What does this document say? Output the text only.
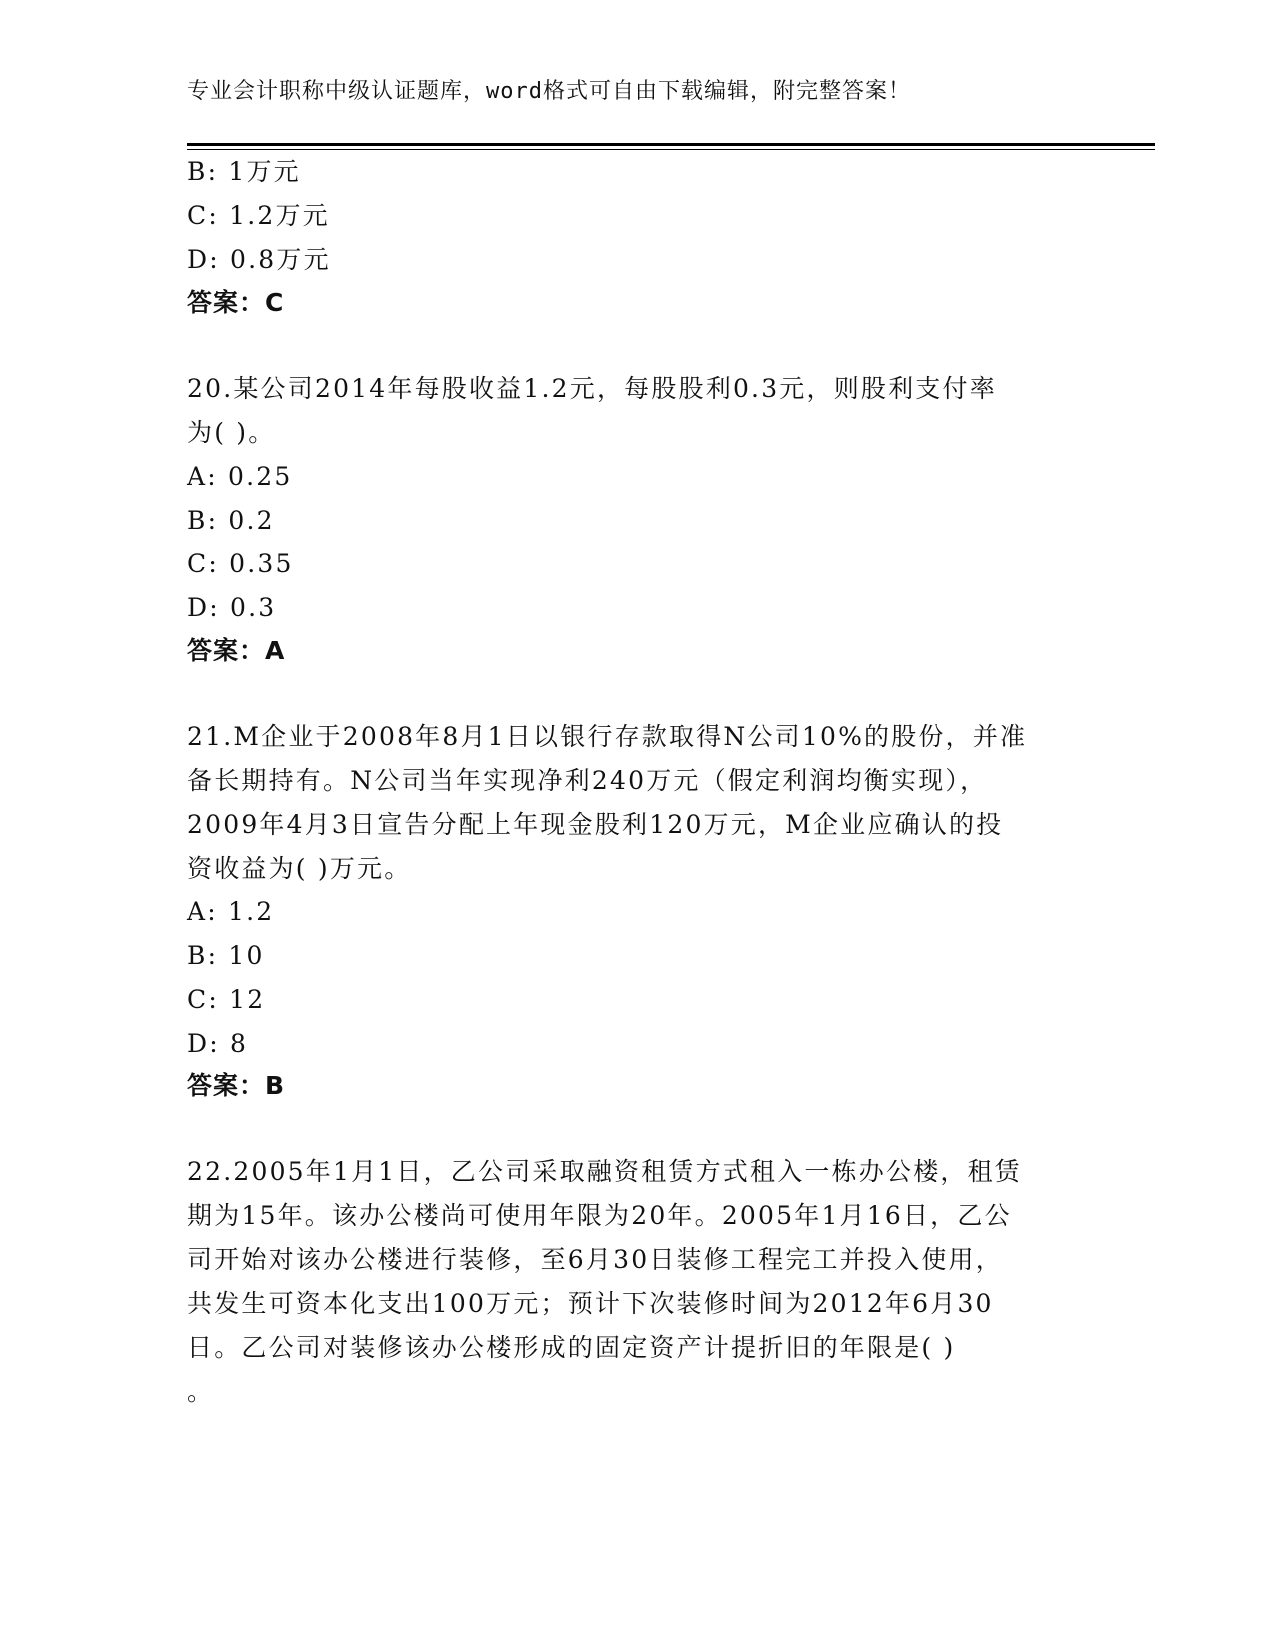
专业会计职称中级认证题库，word格式可自由下载编辑，附完整答案！
B: 1万元
C: 1.2万元
D: 0.8万元
答案：C
20.某公司2014年每股收益1.2元，每股股利0.3元，则股利支付率
为( )。
A: 0.25
B: 0.2
C: 0.35
D: 0.3
答案：A
21.M企业于2008年8月1日以银行存款取得N公司10%的股份，并准
备长期持有。N公司当年实现净利240万元（假定利润均衡实现），
2009年4月3日宣告分配上年现金股利120万元，M企业应确认的投
资收益为( )万元。
A: 1.2
B: 10
C: 12
D: 8
答案：B
22.2005年1月1日，乙公司采取融资租赁方式租入一栋办公楼，租赁
期为15年。该办公楼尚可使用年限为20年。2005年1月16日，乙公
司开始对该办公楼进行装修，至6月30日装修工程完工并投入使用，
共发生可资本化支出100万元；预计下次装修时间为2012年6月30
日。乙公司对装修该办公楼形成的固定资产计提折旧的年限是( )
。
